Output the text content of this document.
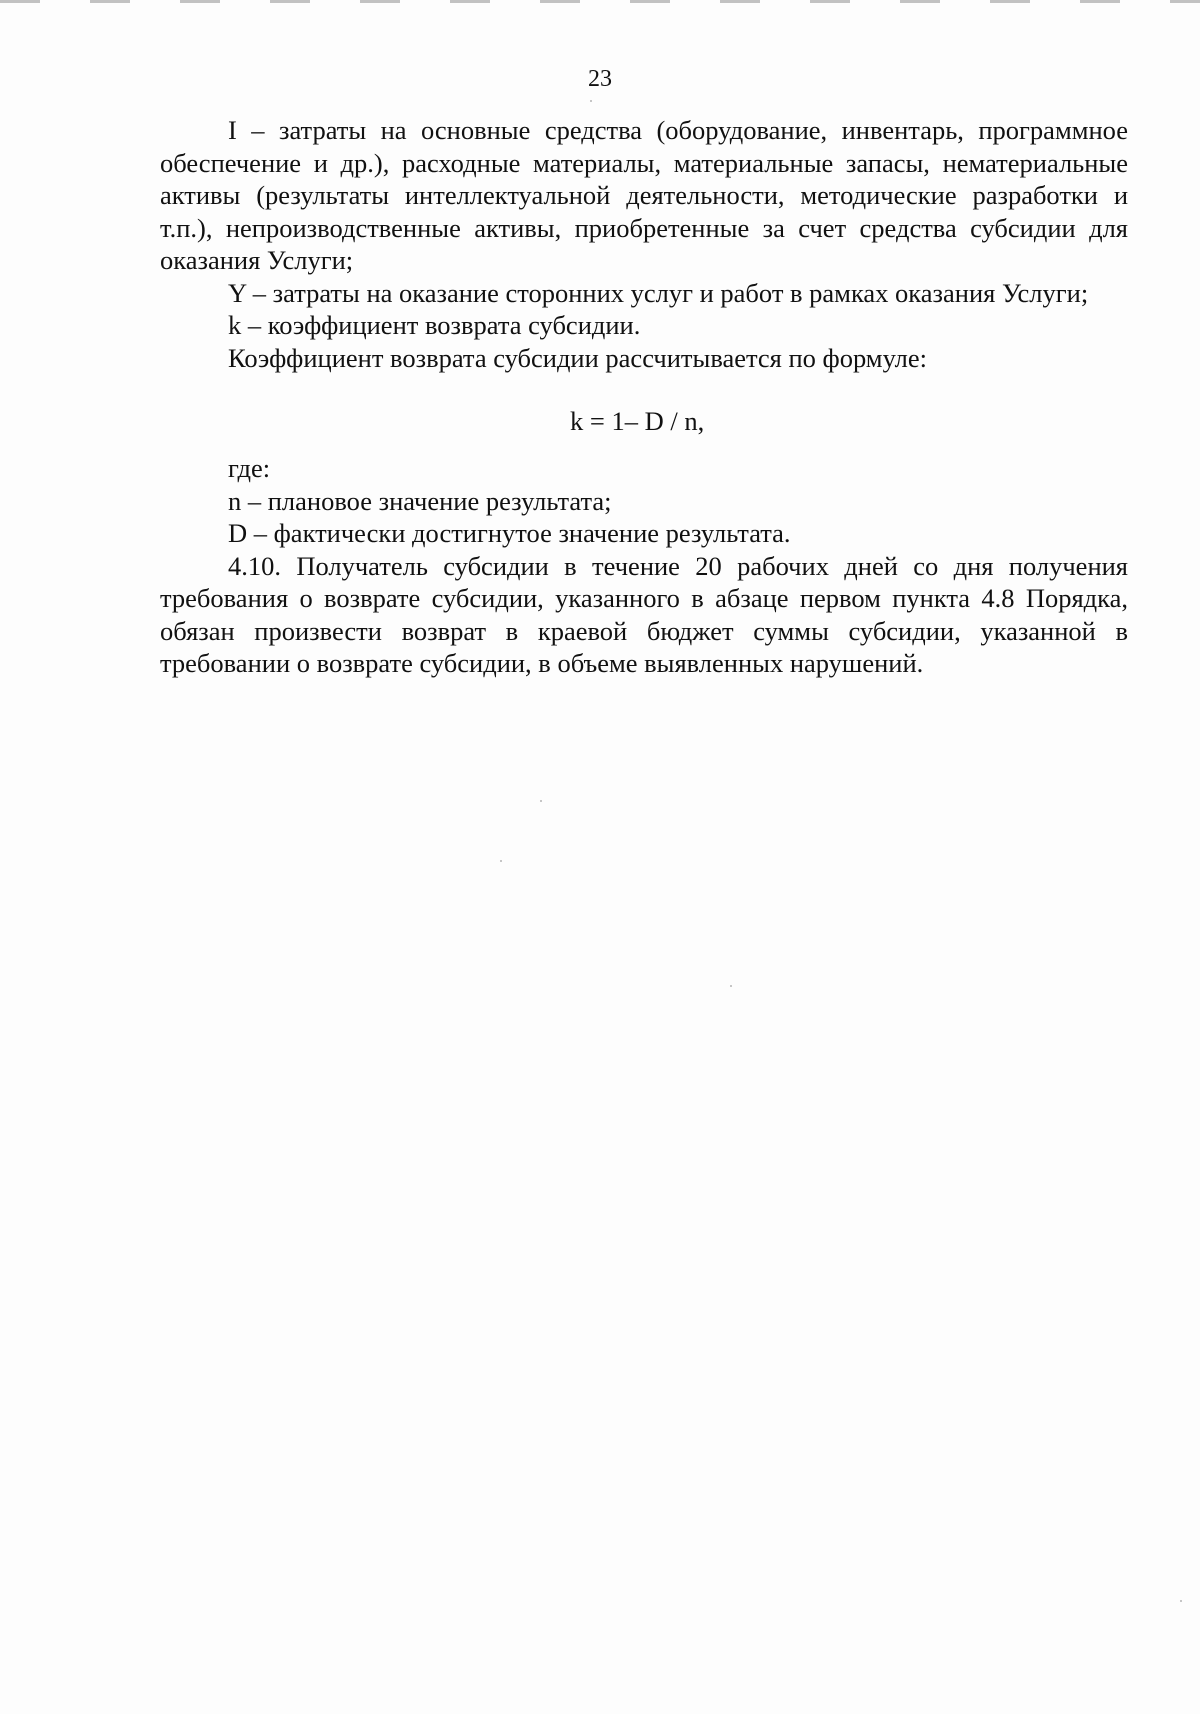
23

I – затраты на основные средства (оборудование, инвентарь, программное обеспечение и др.), расходные материалы, материальные запасы, нематериальные активы (результаты интеллектуальной деятельности, методические разработки и т.п.), непроизводственные активы, приобретенные за счет средства субсидии для оказания Услуги;

Y – затраты на оказание сторонних услуг и работ в рамках оказания Услуги;

k – коэффициент возврата субсидии.

Коэффициент возврата субсидии рассчитывается по формуле:

k = 1– D / n,

где:

n – плановое значение результата;

D – фактически достигнутое значение результата.

4.10. Получатель субсидии в течение 20 рабочих дней со дня получения требования о возврате субсидии, указанного в абзаце первом пункта 4.8 Порядка, обязан произвести возврат в краевой бюджет суммы субсидии, указанной в требовании о возврате субсидии, в объеме выявленных нарушений.
